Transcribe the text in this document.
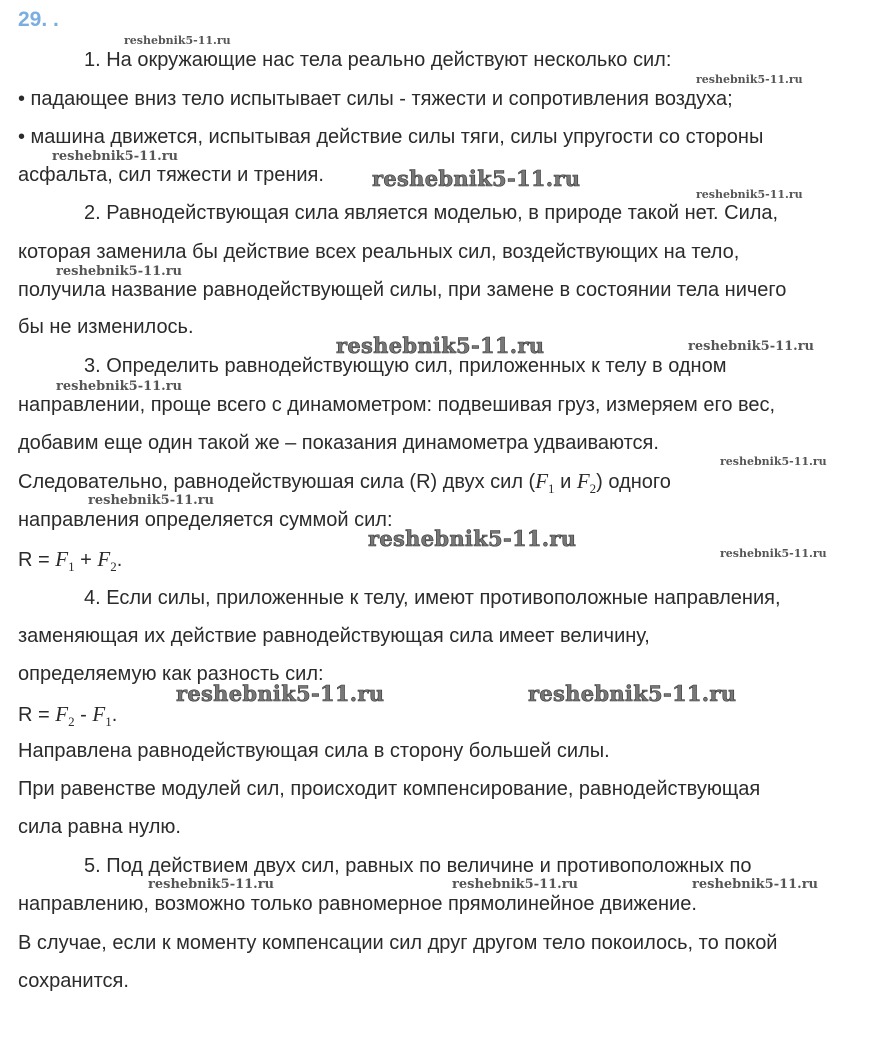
29. .
1. На окружающие нас тела реально действуют несколько сил:
• падающее вниз тело испытывает силы - тяжести и сопротивления воздуха;
• машина движется, испытывая действие силы тяги, силы упругости со стороны
асфальта, сил тяжести и трения.
2. Равнодействующая сила является моделью, в природе такой нет. Сила,
которая заменила бы действие всех реальных сил, воздействующих на тело,
получила название равнодействующей силы, при замене в состоянии тела ничего
бы не изменилось.
3. Определить равнодействующую сил, приложенных к телу в одном
направлении, проще всего с динамометром: подвешивая груз, измеряем его вес,
добавим еще один такой же – показания динамометра удваиваются.
Следовательно, равнодействуюшая сила (R) двух сил ($F_1$ и $F_2$) одного
направления определяется суммой сил:
$R = F_1 + F_2$.
4. Если силы, приложенные к телу, имеют противоположные направления,
заменяющая их действие равнодействующая сила имеет величину,
определяемую как разность сил:
$R = F_2 - F_1$.
Направлена равнодействующая сила в сторону большей силы.
При равенстве модулей сил, происходит компенсирование, равнодействующая
сила равна нулю.
5. Под действием двух сил, равных по величине и противоположных по
направлению, возможно только равномерное прямолинейное движение.
В случае, если к моменту компенсации сил друг другом тело покоилось, то покой
сохранится.
reshebnik5-11.ru
reshebnik5-11.ru
reshebnik5-11.ru
reshebnik5-11.ru
reshebnik5-11.ru
reshebnik5-11.ru
reshebnik5-11.ru	reshebnik5-11.ru
reshebnik5-11.ru
reshebnik5-11.ru
reshebnik5-11.ru
reshebnik5-11.ru
reshebnik5-11.ru
reshebnik5-11.ru	reshebnik5-11.ru
reshebnik5-11.ru	reshebnik5-11.ru	reshebnik5-11.ru
